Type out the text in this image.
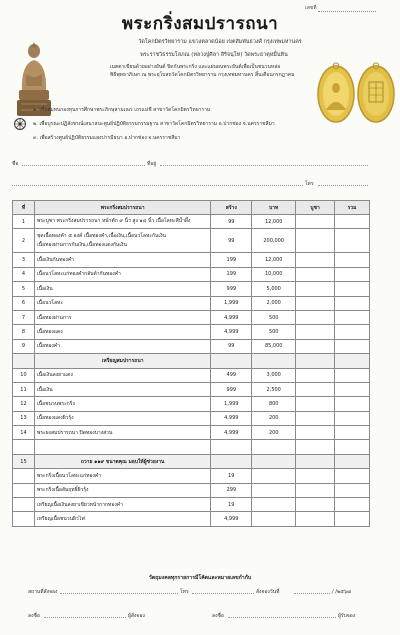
เลขที่
พระกริ่งสมปรารถนา
วัดโคกมิตรวิทยาราม แขวงตลาดน้อย เขตสัมพันธวงศ์ กรุงเทพมหานคร
พระราชวิธรรมโสภณ (หลวงปู่ศิลา สิริจนฺโท) วัดพระธาตุหมื่นหิน
เมตตาเขียนด้วยอย่างยันต์ ปิดกันพระกริ่ง และแผ่นผนพระยันต์เพื่อเป็นชนวนหล่อ
พิธีพุทธาภิเษก ณ พระอุโบสถวัดโคกมิตรวิทยาราม กรุงเทพมหานคร สิ้นเดือนกรกฎาคม
๑. เพื่อสมทบกองทุนการศึกษาพระภิกษุสามเณร เถรแม่ชี สาขาวัดโคกมิตรวิทยาราม
๒. เพื่อบูรณะปฏิสังขรณ์เสนาสนะศูนย์ปฏิบัติธรรมกรรมฐาน สาขาวัดโคกมิตรวิทยาราม อ.ปากช่อง จ.นครราชสีมา
๓. เพื่อสร้างศูนย์ปฏิบัติธรรมแสงปารมีธนา อ.ปากช่อง จ.นครราชสีมา
ชื่อ	ที่อยู่
โทร
ที่	พระกริ่งสมปรารถนา	สร้าง	บาท	บูชา	รวม
1	พระบูชา พระกริ่งสมปรารถนา หน้าตัก ๙ นิ้ว สูง ๑๔ นิ้ว เนื้อโลหะสีน้ำผึ้ง	99	12,000		
2	ชุดเนื้อทองคำ ๕ องค์ เนื้อทองคำ,เนื้อเงิน,เนื้อนวโลหะกันเงิน
เนื้อทองผ่านการกันเงิน,เนื้อทองแดงกันเงิน	99	200,000		
3	เนื้อเงินกันทองคำ	199	12,000		
4	เนื้อนวโลหะแก่ทองคำกลับด้ากันทองคำ	199	10,000		
5	เนื้อเงิน	999	5,000		
6	เนื้อนวโลหะ	1,999	2,000		
7	เนื้อทองผ่านการ	4,999	500		
8	เนื้อทองแดง	4,999	500		
9	เนื้อทองคำ	99	85,000		
	เหรียญสมปรารถนา				
10	เนื้อเงินลงยาแดง	499	3,000		
11	เนื้อเงิน	999	2,500		
12	เนื้อชนวนพระกริ่ง	1,999	800		
13	เนื้อทองแดงผิวรุ้ง	4,999	200		
14	พระผงสมปรารถนา ปิดทองบางส่วน	4,999	200		

15	ถวาย ๑๑๙ ขนาดคุณ มอบให้ผู้ช่วยงาน				
	พระกริ่งเนื้อนวโลหะแก่ทองคำ	19			
	พระกริ่งเนื้อสัมฤทธิ์ผิวรุ้ง	299			
	เหรียญเนื้อเงินลงยาเขียวหน้ากากทองคำ	19			
	เหรียญเนื้อชนวนผิวไฟ	4,999			
วัตถุมงคลทุกรายการมีโค้ดและหมายเลขกำกับ
สถานที่สั่งจอง	โทร	สั่งจองวันที่	/ /๒๕๖๗
ลงชื่อ	ผู้สั่งจอง	ลงชื่อ	ผู้รับจอง
